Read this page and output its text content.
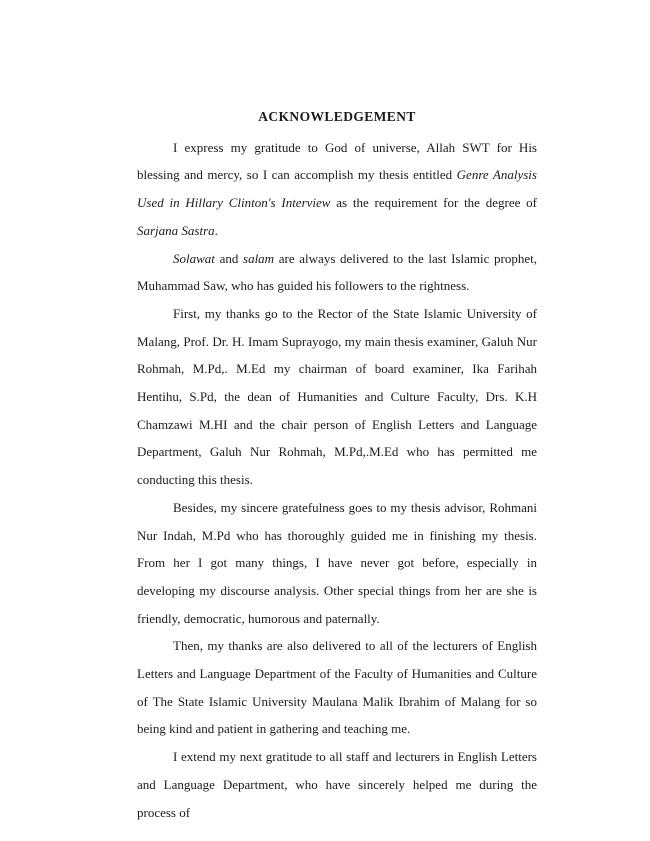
ACKNOWLEDGEMENT

I express my gratitude to God of universe, Allah SWT for His blessing and mercy, so I can accomplish my thesis entitled Genre Analysis Used in Hillary Clinton's Interview as the requirement for the degree of Sarjana Sastra.

Solawat and salam are always delivered to the last Islamic prophet, Muhammad Saw, who has guided his followers to the rightness.

First, my thanks go to the Rector of the State Islamic University of Malang, Prof. Dr. H. Imam Suprayogo, my main thesis examiner, Galuh Nur Rohmah, M.Pd,. M.Ed my chairman of board examiner, Ika Farihah Hentihu, S.Pd, the dean of Humanities and Culture Faculty, Drs. K.H Chamzawi M.HI and the chair person of English Letters and Language Department, Galuh Nur Rohmah, M.Pd,.M.Ed who has permitted me conducting this thesis.

Besides, my sincere gratefulness goes to my thesis advisor, Rohmani Nur Indah, M.Pd who has thoroughly guided me in finishing my thesis. From her I got many things, I have never got before, especially in developing my discourse analysis. Other special things from her are she is friendly, democratic, humorous and paternally.

Then, my thanks are also delivered to all of the lecturers of English Letters and Language Department of the Faculty of Humanities and Culture of The State Islamic University Maulana Malik Ibrahim of Malang for so being kind and patient in gathering and teaching me.

I extend my next gratitude to all staff and lecturers in English Letters and Language Department, who have sincerely helped me during the process of
